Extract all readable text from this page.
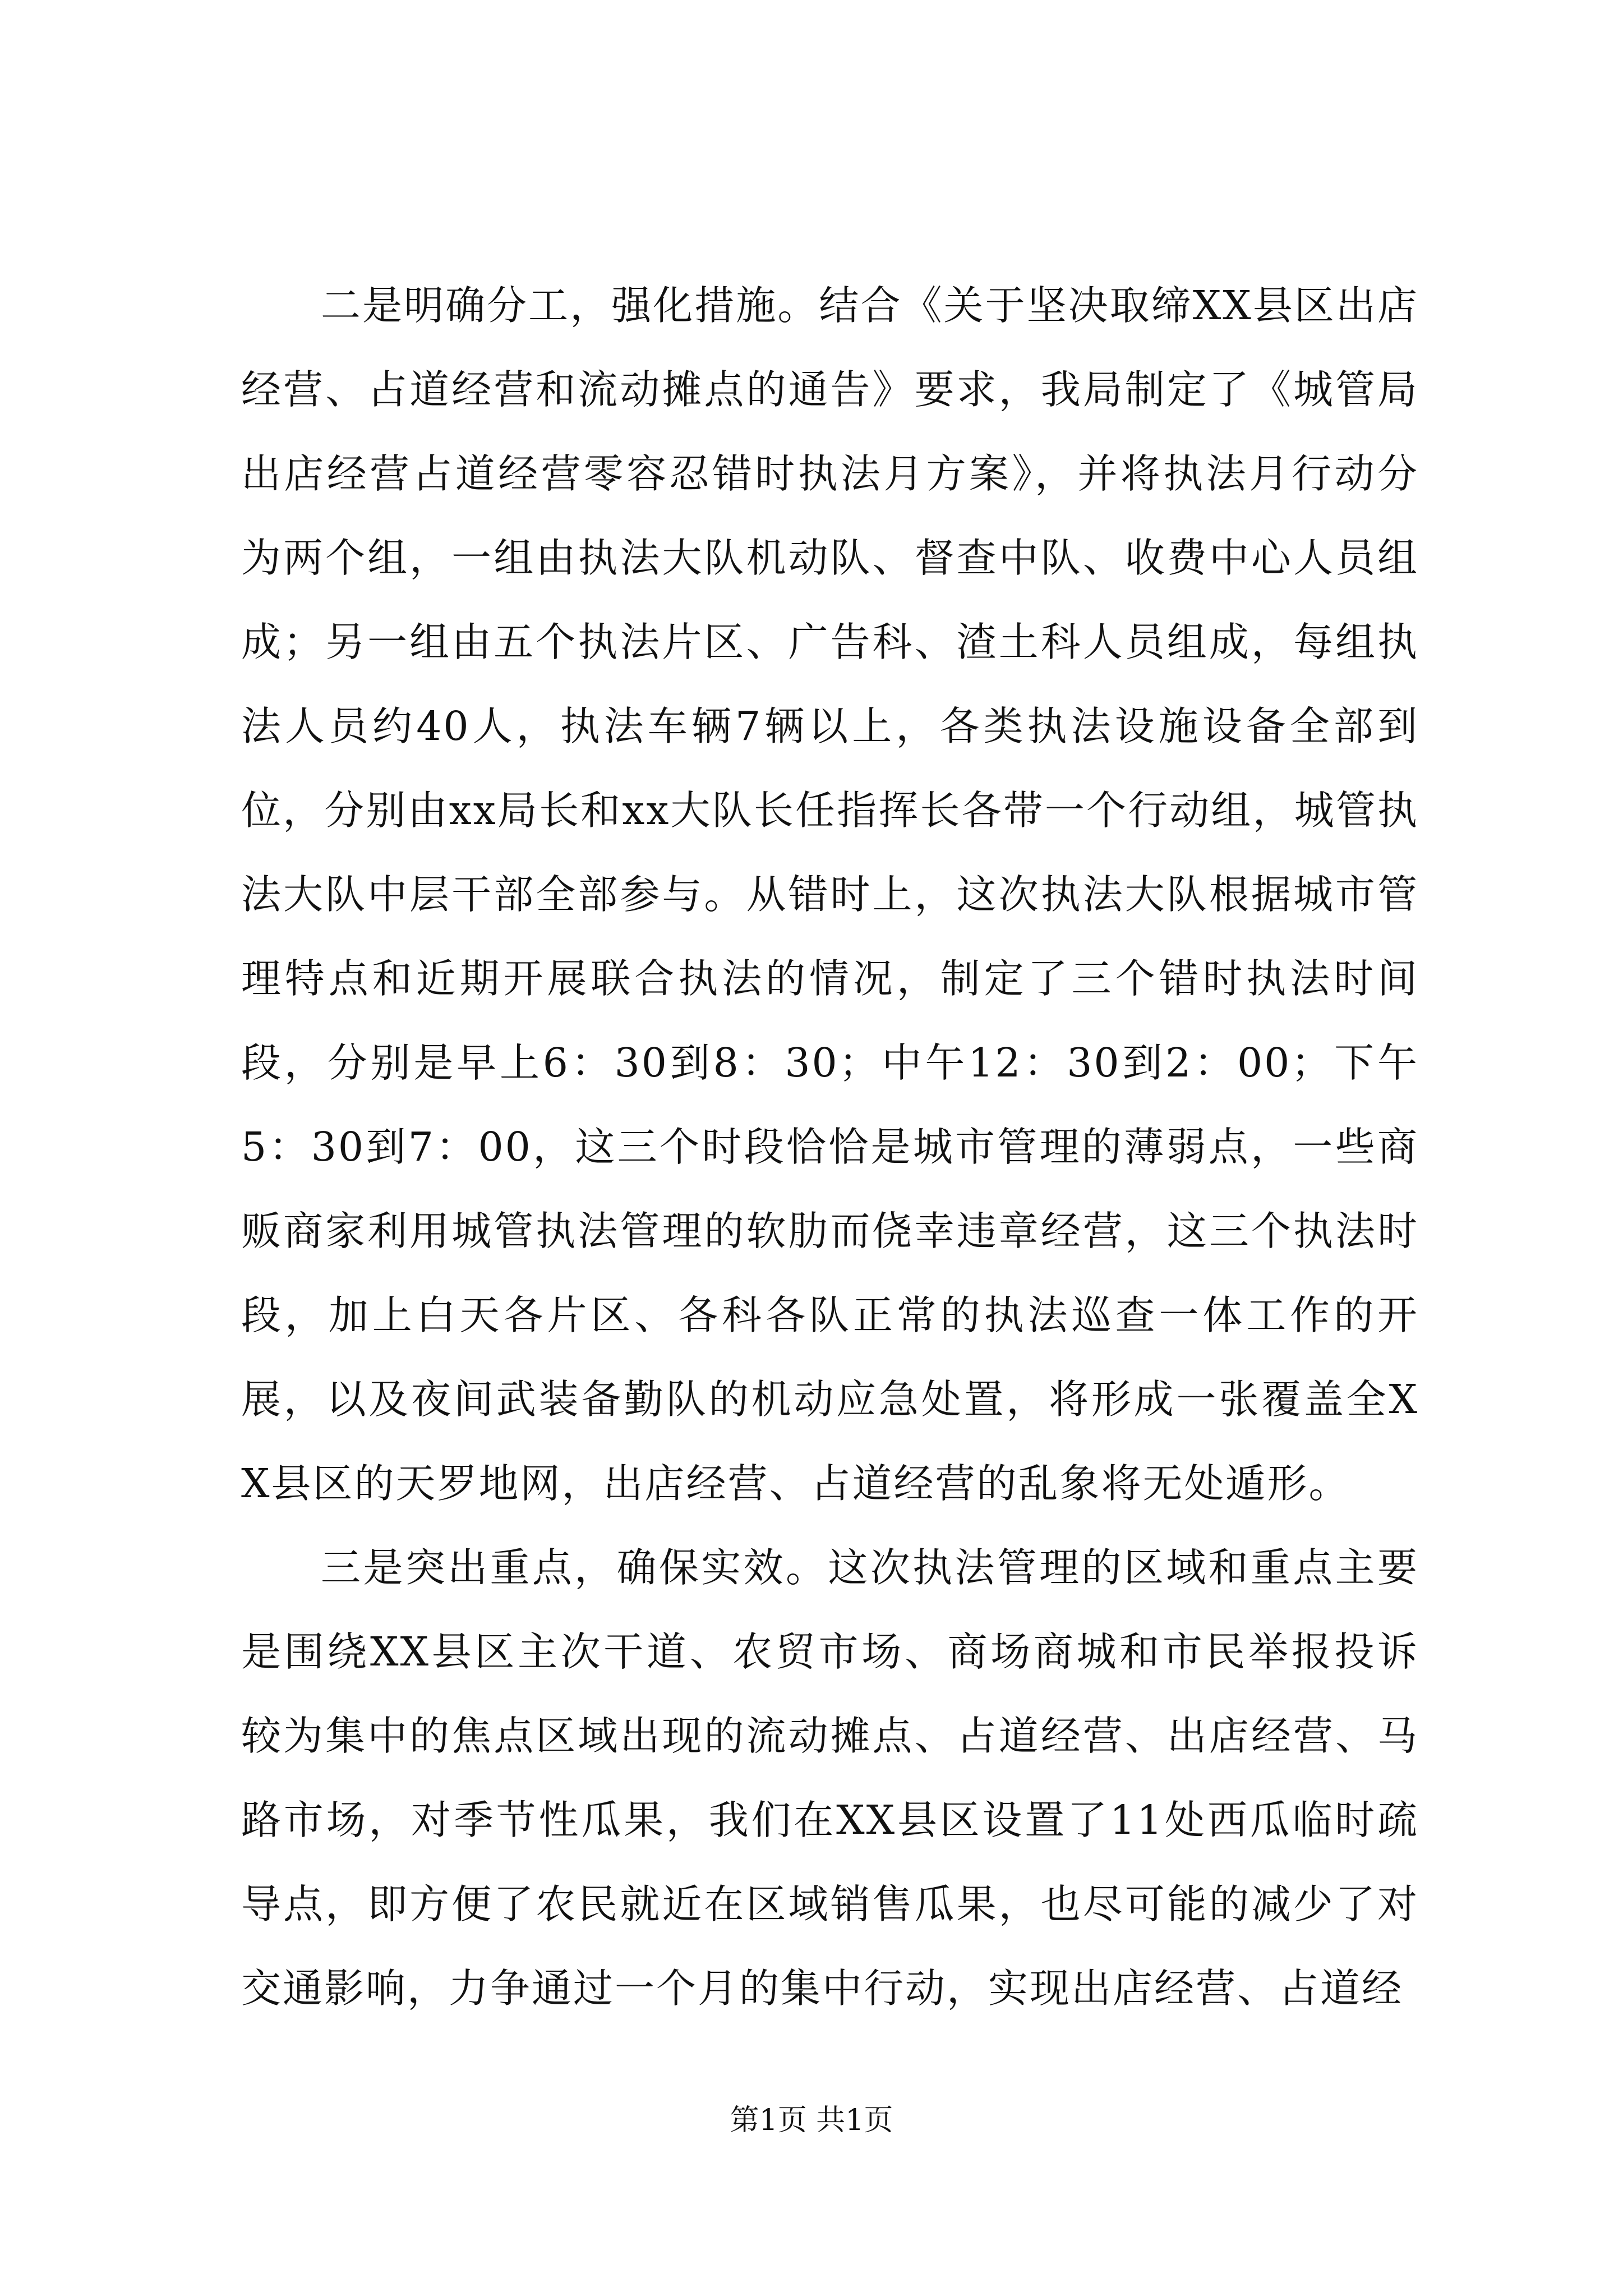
二是明确分工，强化措施。结合《关于坚决取缔XX县区出店经营、占道经营和流动摊点的通告》要求，我局制定了《城管局出店经营占道经营零容忍错时执法月方案》，并将执法月行动分为两个组，一组由执法大队机动队、督查中队、收费中心人员组成；另一组由五个执法片区、广告科、渣土科人员组成，每组执法人员约40人，执法车辆7辆以上，各类执法设施设备全部到位，分别由xx局长和xx大队长任指挥长各带一个行动组，城管执法大队中层干部全部参与。从错时上，这次执法大队根据城市管理特点和近期开展联合执法的情况，制定了三个错时执法时间段，分别是早上6：30到8：30；中午12：30到2：00；下午5：30到7：00，这三个时段恰恰是城市管理的薄弱点，一些商贩商家利用城管执法管理的软肋而侥幸违章经营，这三个执法时段，加上白天各片区、各科各队正常的执法巡查一体工作的开展，以及夜间武装备勤队的机动应急处置，将形成一张覆盖全XX县区的天罗地网，出店经营、占道经营的乱象将无处遁形。

三是突出重点，确保实效。这次执法管理的区域和重点主要是围绕XX县区主次干道、农贸市场、商场商城和市民举报投诉较为集中的焦点区域出现的流动摊点、占道经营、出店经营、马路市场，对季节性瓜果，我们在XX县区设置了11处西瓜临时疏导点，即方便了农民就近在区域销售瓜果，也尽可能的减少了对交通影响，力争通过一个月的集中行动，实现出店经营、占道经

第1页 共1页
